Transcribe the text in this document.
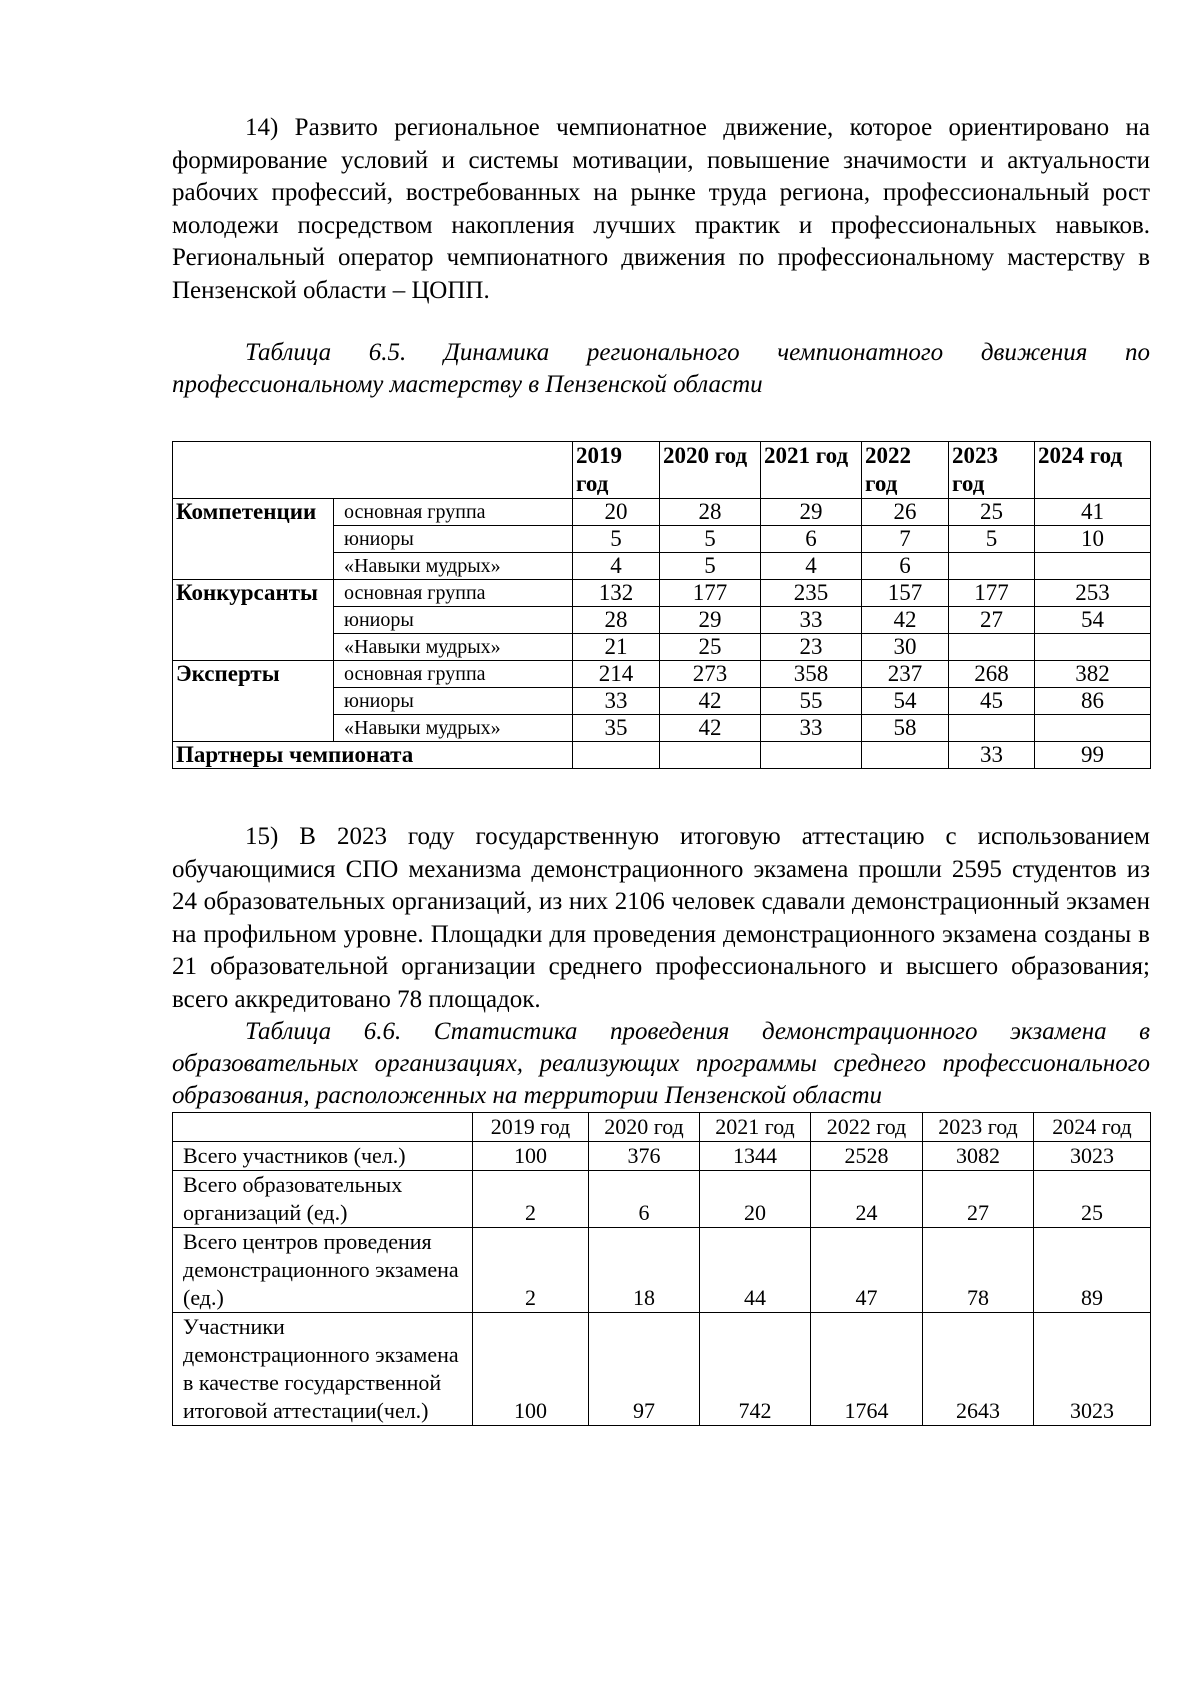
14) Развито региональное чемпионатное движение, которое ориентировано на формирование условий и системы мотивации, повышение значимости и актуальности рабочих профессий, востребованных на рынке труда региона, профессиональный рост молодежи посредством накопления лучших практик и профессиональных навыков. Региональный оператор чемпионатного движения по профессиональному мастерству в Пензенской области – ЦОПП.

Таблица 6.5. Динамика регионального чемпионатного движения по профессиональному мастерству в Пензенской области

		2019 год	2020 год	2021 год	2022 год	2023 год	2024 год
Компетенции	основная группа	20	28	29	26	25	41
	юниоры	5	5	6	7	5	10
	«Навыки мудрых»	4	5	4	6		
Конкурсанты	основная группа	132	177	235	157	177	253
	юниоры	28	29	33	42	27	54
	«Навыки мудрых»	21	25	23	30		
Эксперты	основная группа	214	273	358	237	268	382
	юниоры	33	42	55	54	45	86
	«Навыки мудрых»	35	42	33	58		
Партнеры чемпионата						33	99

15) В 2023 году государственную итоговую аттестацию с использованием обучающимися СПО механизма демонстрационного экзамена прошли 2595 студентов из 24 образовательных организаций, из них 2106 человек сдавали демонстрационный экзамен на профильном уровне. Площадки для проведения демонстрационного экзамена созданы в 21 образовательной организации среднего профессионального и высшего образования; всего аккредитовано 78 площадок.

Таблица 6.6. Статистика проведения демонстрационного экзамена в образовательных организациях, реализующих программы среднего профессионального образования, расположенных на территории Пензенской области

	2019 год	2020 год	2021 год	2022 год	2023 год	2024 год
Всего участников (чел.)	100	376	1344	2528	3082	3023
Всего образовательных организаций (ед.)	2	6	20	24	27	25
Всего центров проведения демонстрационного экзамена (ед.)	2	18	44	47	78	89
Участники демонстрационного экзамена в качестве государственной итоговой аттестации(чел.)	100	97	742	1764	2643	3023
